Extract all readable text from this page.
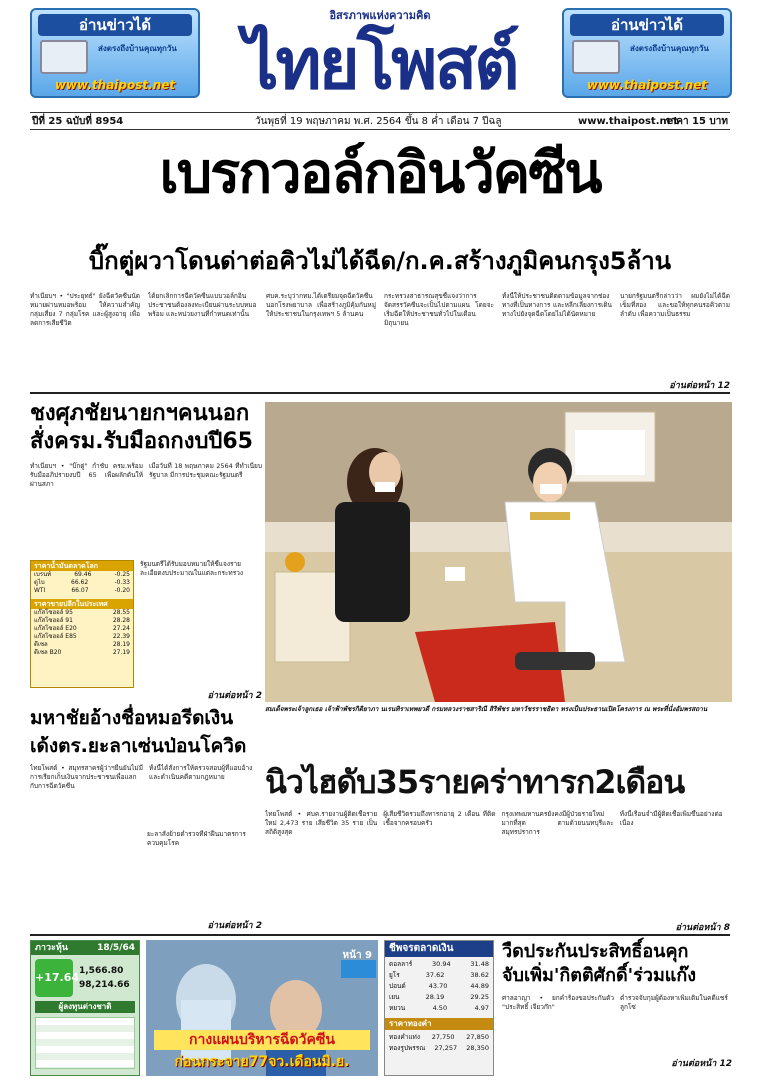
อ่านข่าวได้
ส่งตรงถึงบ้านคุณทุกวัน
www.thaipost.net
อิสรภาพแห่งความคิด
ไทยโพสต์	อ่านข่าวได้
ส่งตรงถึงบ้านคุณทุกวัน
www.thaipost.net
ปีที่ 25 ฉบับที่ 8954	วันพุธที่ 19 พฤษภาคม พ.ศ. 2564 ขึ้น 8 ค่ำ เดือน 7 ปีฉลู	www.thaipost.net
ราคา 15 บาท
เบรกวอล์กอินวัคซีน
บิ๊กตู่ผวาโดนด่าต่อคิวไม่ได้ฉีด/ก.ค.สร้างภูมิคนกรุง5ล้าน
ทำเนียบฯ • "ประยุทธ์" ยังฉีดวัคซีนนัดหมายผ่านหมอพร้อม ให้ความสำคัญกลุ่มเสี่ยง 7 กลุ่มโรค และผู้สูงอายุ เพื่อลดการเสียชีวิต
ได้ยกเลิกการฉีดวัคซีนแบบวอล์กอิน ประชาชนต้องลงทะเบียนผ่านระบบหมอพร้อม และหน่วยงานที่กำหนดเท่านั้น
ศบค.ระบุว่ากทม.ได้เตรียมจุดฉีดวัคซีนนอกโรงพยาบาล เพื่อสร้างภูมิคุ้มกันหมู่ให้ประชาชนในกรุงเทพฯ 5 ล้านคน
กระทรวงสาธารณสุขชี้แจงว่าการจัดสรรวัคซีนจะเป็นไปตามแผน โดยจะเริ่มฉีดให้ประชาชนทั่วไปในเดือนมิถุนายน
ทั้งนี้ให้ประชาชนติดตามข้อมูลจากช่องทางที่เป็นทางการ และหลีกเลี่ยงการเดินทางไปยังจุดฉีดโดยไม่ได้นัดหมาย
นายกรัฐมนตรีกล่าวว่า ผมยังไม่ได้ฉีดเข็มที่สอง และขอให้ทุกคนรอคิวตามลำดับ เพื่อความเป็นธรรม
อ่านต่อหน้า 12
ชงศุภชัยนายกฯคนนอก
สั่งครม.รับมือถกงบปี65
ทำเนียบฯ • "บิ๊กตู่" กำชับ ครม.พร้อมรับมืออภิปรายงบปี 65 เพื่อผลักดันให้ผ่านสภา
เมื่อวันที่ 18 พฤษภาคม 2564 ที่ทำเนียบรัฐบาล มีการประชุมคณะรัฐมนตรี
รัฐมนตรีได้รับมอบหมายให้ชี้แจงรายละเอียดงบประมาณในแต่ละกระทรวง
อ่านต่อหน้า 2
ราคาน้ำมันตลาดโลก
เบรนท์	69.46	-0.25
ดูไบ	66.62	-0.33
WTI	66.07	-0.20
ราคาขายปลีกในประเทศ
แก๊สโซฮอล์ 95	28.55
แก๊สโซฮอล์ 91	28.28
แก๊สโซฮอล์ E20	27.24
แก๊สโซฮอล์ E85	22.39
ดีเซล	28.19
ดีเซล B20	27.19
สมเด็จพระเจ้าลูกเธอ เจ้าฟ้าพัชรกิติยาภา นเรนทิราเทพยวดี กรมหลวงราชสาริณี สิริพัชร มหาวัชรราชธิดา ทรงเป็นประธานเปิดโครงการ ณ พระที่นั่งอัมพรสถาน
มหาชัยอ้างชื่อหมอรีดเงิน
เด้งตร.ยะลาเซ่นป่อนโควิด
ไทยโพสต์ • สมุทรสาครผู้ว่าฯยืนยันไม่มีการเรียกเก็บเงินจากประชาชนเพื่อแลกกับการฉีดวัคซีน
ทั้งนี้ได้สั่งการให้ตรวจสอบผู้ที่แอบอ้างและดำเนินคดีตามกฎหมาย
ยะลาสั่งย้ายตำรวจที่ฝ่าฝืนมาตรการควบคุมโรค
อ่านต่อหน้า 2
นิวไฮดับ35รายคร่าทารก2เดือน
ไทยโพสต์ • ศบค.รายงานผู้ติดเชื้อรายใหม่ 2,473 ราย เสียชีวิต 35 ราย เป็นสถิติสูงสุด
ผู้เสียชีวิตรวมถึงทารกอายุ 2 เดือน ที่ติดเชื้อจากครอบครัว
กรุงเทพมหานครยังคงมีผู้ป่วยรายใหม่มากที่สุด ตามด้วยนนทบุรีและสมุทรปราการ
ทั้งนี้เรือนจำมีผู้ติดเชื้อเพิ่มขึ้นอย่างต่อเนื่อง
อ่านต่อหน้า 8
ภาวะหุ้น	18/5/64
+17.64 1,566.80
98,214.66
ผู้ลงทุนต่างชาติ
หน้า 9
กางแผนบริหารฉีดวัคซีน
ก่อนกระจาย77จว.เดือนมิ.ย.
ชีพจรตลาดเงิน
ดอลลาร์	30.94	31.48
ยูโร	37.62	38.62
ปอนด์	43.70	44.89
เยน	28.19	29.25
หยวน	4.50	4.97
ราคาทองคำ
ทองคำแท่ง 27,750 27,850
ทองรูปพรรณ 27,257 28,350
วืดประกันประสิทธิ์อนคุก
จับเพิ่ม'กิตติศักดิ์'ร่วมแก๊ง
ศาลอาญา • ยกคำร้องขอประกันตัว "ประสิทธิ์ เจียวก๊ก"
ตำรวจจับกุมผู้ต้องหาเพิ่มเติมในคดีแชร์ลูกโซ่
อ่านต่อหน้า 12
